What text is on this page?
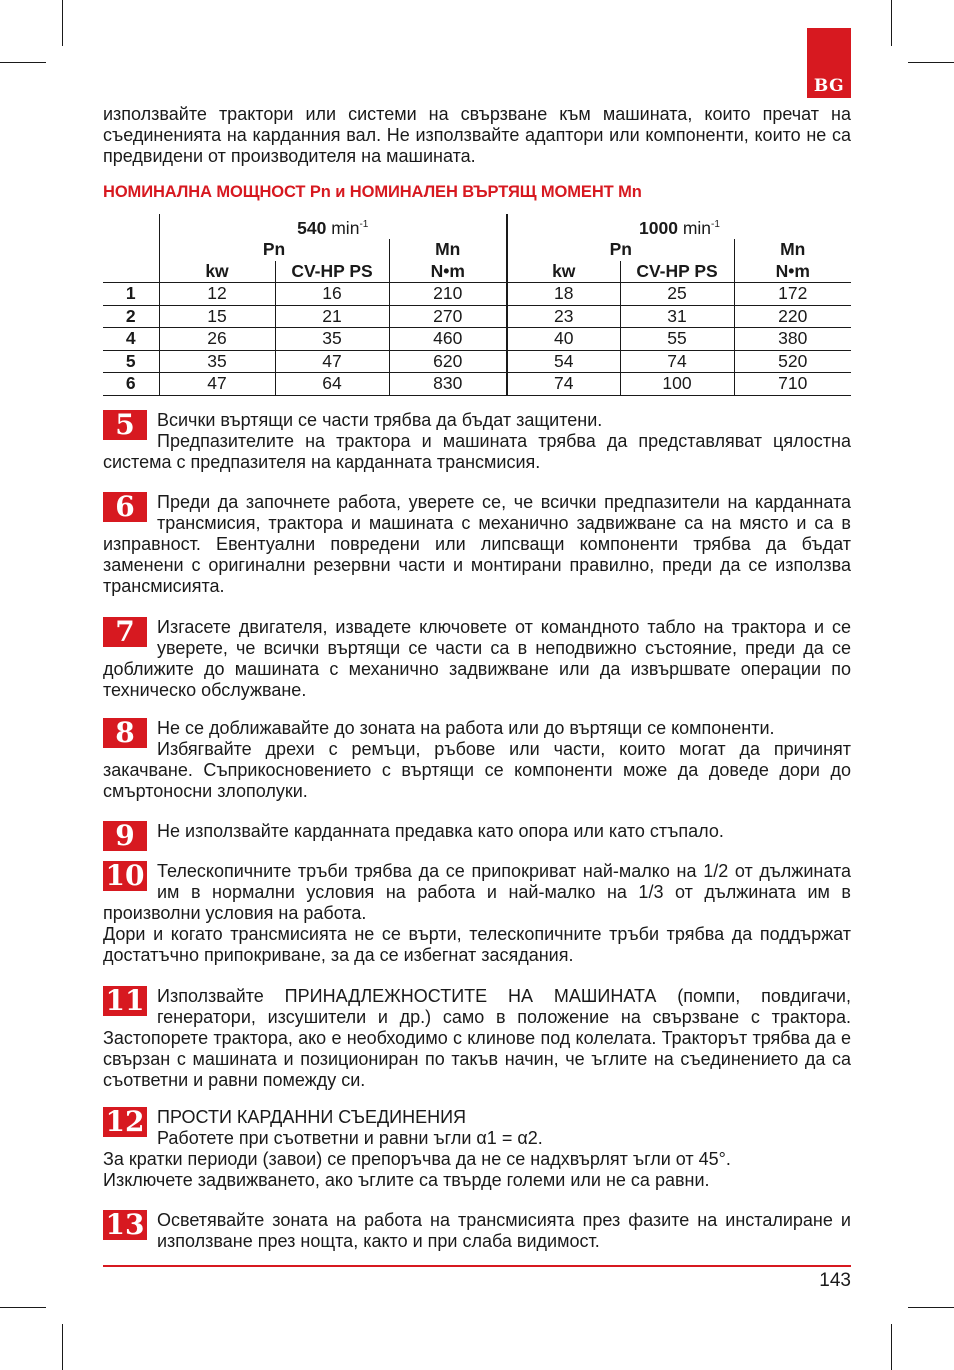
BG

използвайте трактори или системи на свързване към машината, които пречат на съединенията на карданния вал. Не използвайте адаптори или компоненти, които не са предвидени от производителя на машината.

НОМИНАЛНА МОЩНОСТ Pn и НОМИНАЛЕН ВЪРТЯЩ МОМЕНТ Mn
	540 $\min^{-1}$			1000 $\min^{-1}$
	Pn		Mn	Pn		Mn
	kw	CV-HP PS	N•m	kw	CV-HP PS	N•m
1	12	16	210	18	25	172
2	15	21	270	23	31	220
4	26	35	460	40	55	380
5	35	47	620	54	74	520
6	47	64	830	74	100	710
5	Всички въртящи се части трябва да бъдат защитени.

Предпазителите на трактора и машината трябва да представляват цялостна система с предпазителя на карданната трансмисия.

6	Преди да започнете работа, уверете се, че всички предпазители на карданната трансмисия, трактора и машината с механично задвижване са на място и са в изправност. Евентуални повредени или липсващи компоненти трябва да бъдат заменени с оригинални резервни части и монтирани правилно, преди да се използва трансмисията.

7	Изгасете двигателя, извадете ключовете от командното табло на трактора и се уверете, че всички въртящи се части са в неподвижно състояние, преди да се доближите до машината с механично задвижване или да извършвате операции по техническо обслужване.

8	Не се доближавайте до зоната на работа или до въртящи се компоненти.

Избягвайте дрехи с ремъци, ръбове или части, които могат да причинят закачване. Съприкосновението с въртящи се компоненти може да доведе дори до смъртоносни злополуки.

9	Не използвайте карданната предавка като опора или като стъпало.

10 Телескопичните тръби трябва да се припокриват най-малко на 1/2 от дължината им в нормални условия на работа и най-малко на 1/3 от дължината им в произволни условия на работа.

Дори и когато трансмисията не се върти, телескопичните тръби трябва да поддържат достатъчно припокриване, за да се избегнат засядания.

11 Използвайте ПРИНАДЛЕЖНОСТИТЕ НА МАШИНАТА (помпи, повдигачи, генератори, изсушители и др.) само в положение на свързване с трактора. Застопорете трактора, ако е необходимо с клинове под колелата. Тракторът трябва да е свързан с машината и позициониран по такъв начин, че ъглите на съединението да са съответни и равни помежду си.

12 ПРОСТИ КАРДАННИ СЪЕДИНЕНИЯ

Работете при съответни и равни ъгли α1 = α2.

За кратки периоди (завои) се препоръчва да не се надхвърлят ъгли от 45°.

Изключете задвижването, ако ъглите са твърде големи или не са равни.

13 Осветявайте зоната на работа на трансмисията през фазите на инсталиране и използване през нощта, както и при слаба видимост.

143
